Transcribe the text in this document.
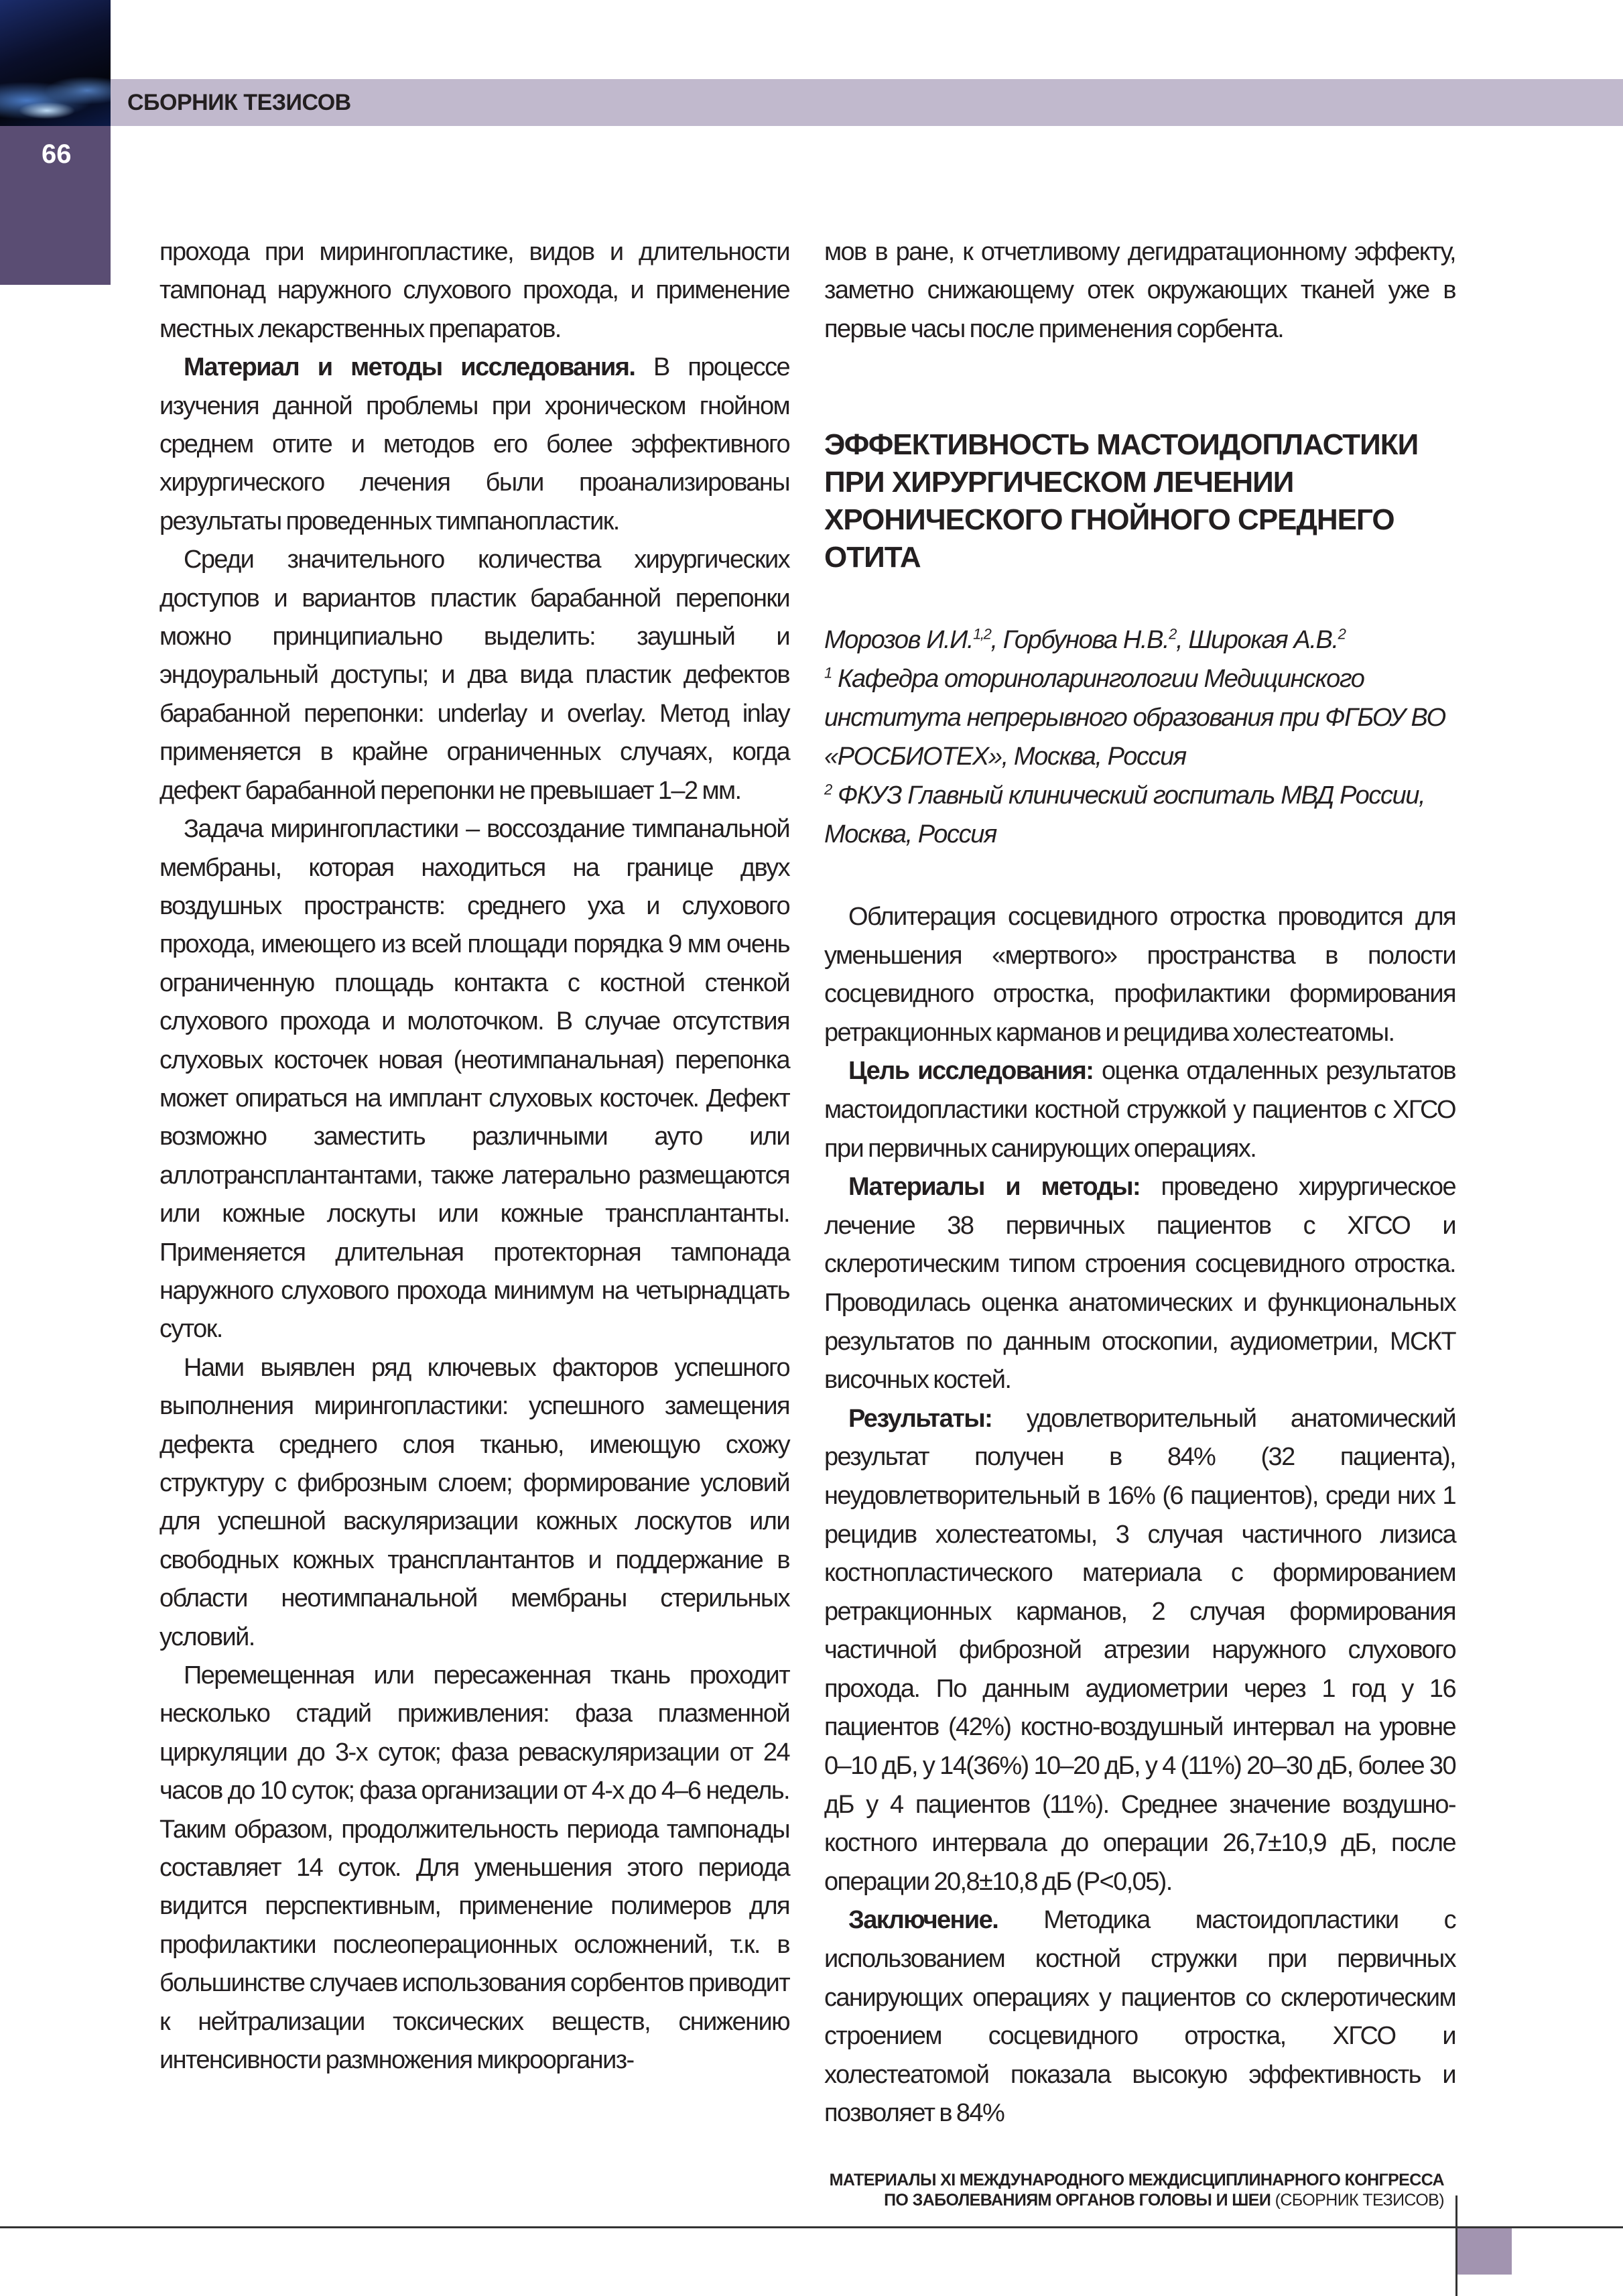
СБОРНИК ТЕЗИСОВ
66

прохода при мирингопластике, видов и длительности тампонад наружного слухового прохода, и применение местных лекарственных препаратов.

Материал и методы исследования. В процессе изучения данной проблемы при хроническом гнойном среднем отите и методов его более эффективного хирургического лечения были проанализированы результаты проведенных тимпанопластик.

Среди значительного количества хирургических доступов и вариантов пластик барабанной перепонки можно принципиально выделить: заушный и эндоуральный доступы; и два вида пластик дефектов барабанной перепонки: underlay и overlay. Метод inlay применяется в крайне ограниченных случаях, когда дефект барабанной перепонки не превышает 1–2 мм.

Задача мирингопластики – воссоздание тимпанальной мембраны, которая находиться на границе двух воздушных пространств: среднего уха и слухового прохода, имеющего из всей площади порядка 9 мм очень ограниченную площадь контакта с костной стенкой слухового прохода и молоточком. В случае отсутствия слуховых косточек новая (неотимпанальная) перепонка может опираться на имплант слуховых косточек. Дефект возможно заместить различными ауто или аллотрансплантантами, также латерально размещаются или кожные лоскуты или кожные трансплантанты. Применяется длительная протекторная тампонада наружного слухового прохода минимум на четырнадцать суток.

Нами выявлен ряд ключевых факторов успешного выполнения мирингопластики: успешного замещения дефекта среднего слоя тканью, имеющую схожу структуру с фиброзным слоем; формирование условий для успешной васкуляризации кожных лоскутов или свободных кожных трансплантантов и поддержание в области неотимпанальной мембраны стерильных условий.

Перемещенная или пересаженная ткань проходит несколько стадий приживления: фаза плазменной циркуляции до 3-х суток; фаза реваскуляризации от 24 часов до 10 суток; фаза организации от 4-х до 4–6 недель. Таким образом, продолжительность периода тампонады составляет 14 суток. Для уменьшения этого периода видится перспективным, применение полимеров для профилактики послеоперационных осложнений, т.к. в большинстве случаев использования сорбентов приводит к нейтрализации токсических веществ, снижению интенсивности размножения микроорганиз-

мов в ране, к отчетливому дегидратационному эффекту, заметно снижающему отек окружающих тканей уже в первые часы после применения сорбента.

ЭФФЕКТИВНОСТЬ МАСТОИДОПЛАСТИКИ ПРИ ХИРУРГИЧЕСКОМ ЛЕЧЕНИИ ХРОНИЧЕСКОГО ГНОЙНОГО СРЕДНЕГО ОТИТА

Морозов И.И.$^{1,2}$, Горбунова Н.В.$^2$, Широкая А.В.$^2$

$^1$ Кафедра оториноларингологии Медицинского института непрерывного образования при ФГБОУ ВО «РОСБИОТЕХ», Москва, Россия

$^2$ ФКУЗ Главный клинический госпиталь МВД России, Москва, Россия

Облитерация сосцевидного отростка проводится для уменьшения «мертвого» пространства в полости сосцевидного отростка, профилактики формирования ретракционных карманов и рецидива холестеатомы.

Цель исследования: оценка отдаленных результатов мастоидопластики костной стружкой у пациентов с ХГСО при первичных санирующих операциях.

Материалы и методы: проведено хирургическое лечение 38 первичных пациентов с ХГСО и склеротическим типом строения сосцевидного отростка. Проводилась оценка анатомических и функциональных результатов по данным отоскопии, аудиометрии, МСКТ височных костей.

Результаты: удовлетворительный анатомический результат получен в 84% (32 пациента), неудовлетворительный в 16% (6 пациентов), среди них 1 рецидив холестеатомы, 3 случая частичного лизиса костнопластического материала с формированием ретракционных карманов, 2 случая формирования частичной фиброзной атрезии наружного слухового прохода. По данным аудиометрии через 1 год у 16 пациентов (42%) костно-воздушный интервал на уровне 0–10 дБ, у 14(36%) 10–20 дБ, у 4 (11%) 20–30 дБ, более 30 дБ у 4 пациентов (11%). Среднее значение воздушно-костного интервала до операции 26,7±10,9 дБ, после операции 20,8±10,8 дБ (P<0,05).

Заключение. Методика мастоидопластики с использованием костной стружки при первичных санирующих операциях у пациентов со склеротическим строением сосцевидного отростка, ХГСО и холестеатомой показала высокую эффективность и позволяет в 84%

МАТЕРИАЛЫ XI МЕЖДУНАРОДНОГО МЕЖДИСЦИПЛИНАРНОГО КОНГРЕССА
ПО ЗАБОЛЕВАНИЯМ ОРГАНОВ ГОЛОВЫ И ШЕИ (СБОРНИК ТЕЗИСОВ)
